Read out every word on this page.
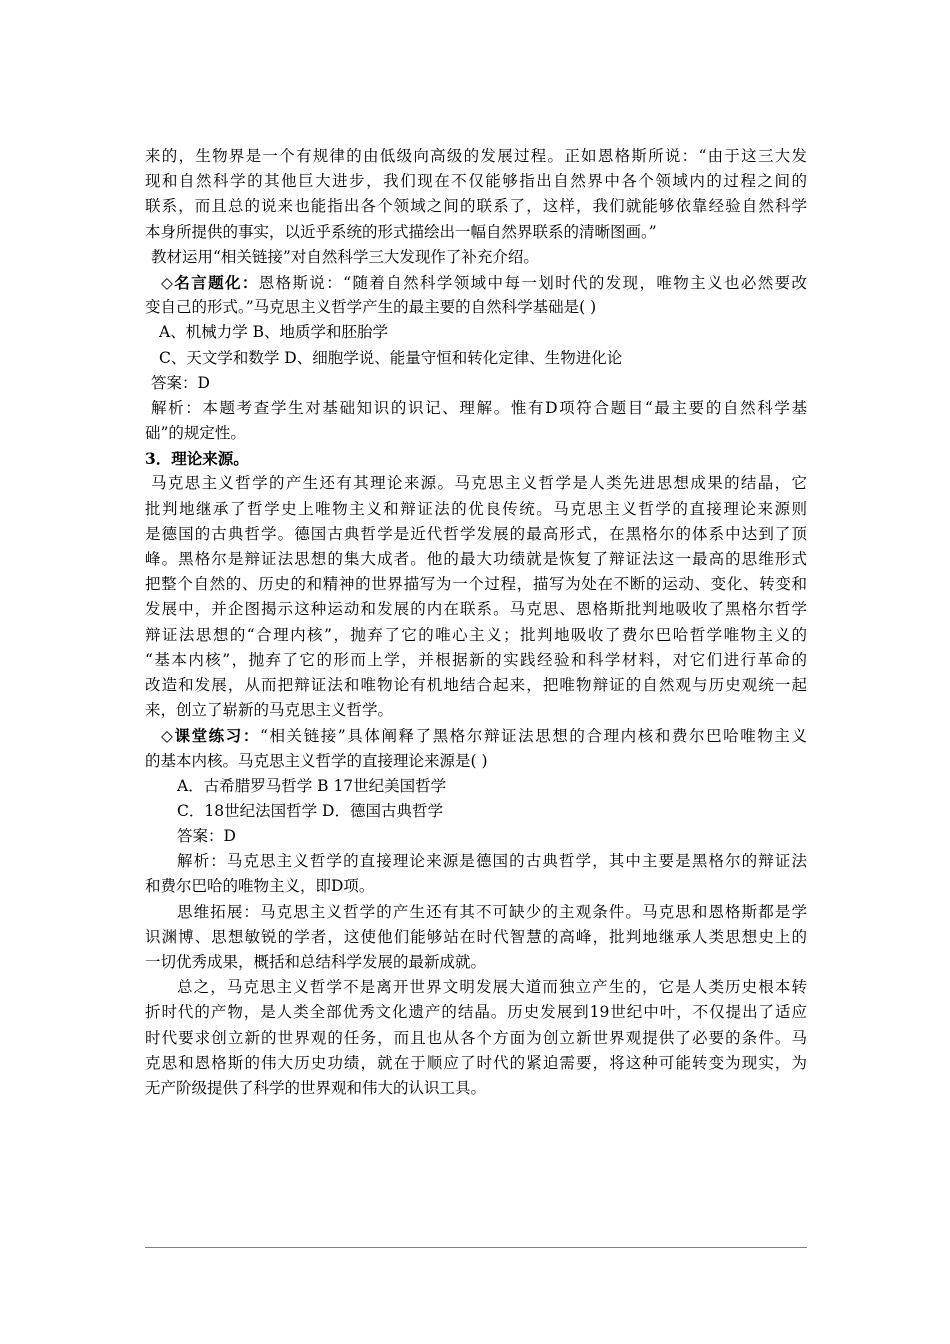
来的，生物界是一个有规律的由低级向高级的发展过程。正如恩格斯所说：“由于这三大发
现和自然科学的其他巨大进步，我们现在不仅能够指出自然界中各个领域内的过程之间的
联系，而且总的说来也能指出各个领域之间的联系了，这样，我们就能够依靠经验自然科学
本身所提供的事实，以近乎系统的形式描绘出一幅自然界联系的清晰图画。”
教材运用“相关链接”对自然科学三大发现作了补充介绍。
◇名言题化：恩格斯说：“随着自然科学领域中每一划时代的发现，唯物主义也必然要改
变自己的形式。”马克思主义哲学产生的最主要的自然科学基础是( )
A、机械力学 B、地质学和胚胎学
C、天文学和数学 D、细胞学说、能量守恒和转化定律、生物进化论
答案：D
解析：本题考查学生对基础知识的识记、理解。惟有D项符合题目“最主要的自然科学基
础”的规定性。
3．理论来源。
马克思主义哲学的产生还有其理论来源。马克思主义哲学是人类先进思想成果的结晶，它
批判地继承了哲学史上唯物主义和辩证法的优良传统。马克思主义哲学的直接理论来源则
是德国的古典哲学。德国古典哲学是近代哲学发展的最高形式，在黑格尔的体系中达到了顶
峰。黑格尔是辩证法思想的集大成者。他的最大功绩就是恢复了辩证法这一最高的思维形式
把整个自然的、历史的和精神的世界描写为一个过程，描写为处在不断的运动、变化、转变和
发展中，并企图揭示这种运动和发展的内在联系。马克思、恩格斯批判地吸收了黑格尔哲学
辩证法思想的“合理内核”，抛弃了它的唯心主义；批判地吸收了费尔巴哈哲学唯物主义的
“基本内核”，抛弃了它的形而上学，并根据新的实践经验和科学材料，对它们进行革命的
改造和发展，从而把辩证法和唯物论有机地结合起来，把唯物辩证的自然观与历史观统一起
来，创立了崭新的马克思主义哲学。
◇课堂练习：“相关链接”具体阐释了黑格尔辩证法思想的合理内核和费尔巴哈唯物主义
的基本内核。马克思主义哲学的直接理论来源是( )
A．古希腊罗马哲学 B 17世纪美国哲学
C．18世纪法国哲学 D．德国古典哲学
答案：D
解析：马克思主义哲学的直接理论来源是德国的古典哲学，其中主要是黑格尔的辩证法
和费尔巴哈的唯物主义，即D项。
思维拓展：马克思主义哲学的产生还有其不可缺少的主观条件。马克思和恩格斯都是学
识渊博、思想敏锐的学者，这使他们能够站在时代智慧的高峰，批判地继承人类思想史上的
一切优秀成果，概括和总结科学发展的最新成就。
总之，马克思主义哲学不是离开世界文明发展大道而独立产生的，它是人类历史根本转
折时代的产物，是人类全部优秀文化遗产的结晶。历史发展到19世纪中叶，不仅提出了适应
时代要求创立新的世界观的任务，而且也从各个方面为创立新世界观提供了必要的条件。马
克思和恩格斯的伟大历史功绩，就在于顺应了时代的紧迫需要，将这种可能转变为现实，为
无产阶级提供了科学的世界观和伟大的认识工具。
